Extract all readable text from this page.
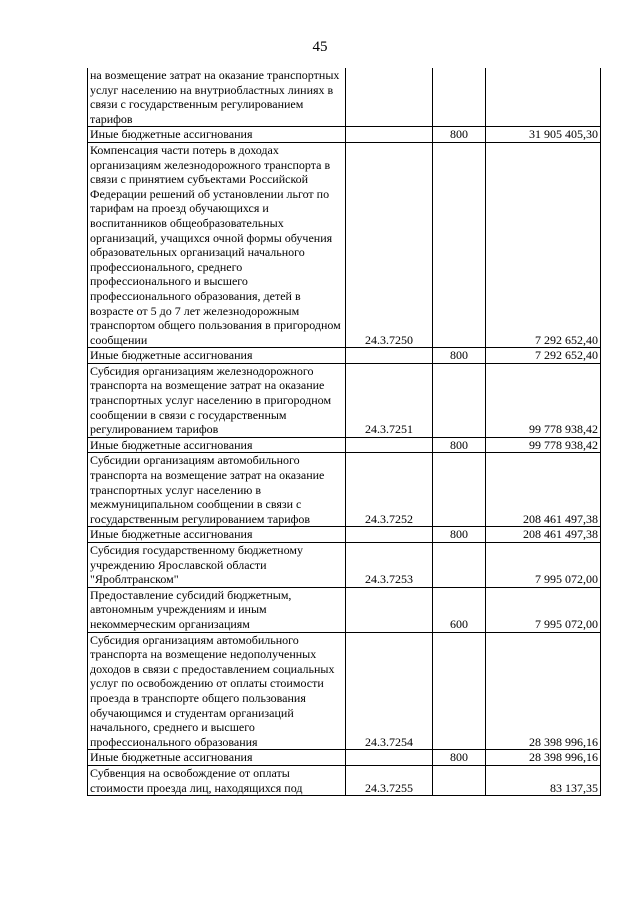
45
на возмещение затрат на оказание транспортных услуг населению на внутриобластных линиях в связи с государственным регулированием тарифов			
Иные бюджетные ассигнования		800	31 905 405,30
Компенсация части потерь в доходах организациям железнодорожного транспорта в связи с принятием субъектами Российской Федерации решений об установлении льгот по тарифам на проезд обучающихся и воспитанников общеобразовательных организаций, учащихся очной формы обучения образовательных организаций начального профессионального, среднего профессионального и высшего профессионального образования, детей в возрасте от 5 до 7 лет железнодорожным транспортом общего пользования в пригородном сообщении	24.3.7250		7 292 652,40
Иные бюджетные ассигнования		800	7 292 652,40
Субсидия организациям железнодорожного транспорта на возмещение затрат на оказание транспортных услуг населению в пригородном сообщении в связи с государственным регулированием тарифов	24.3.7251		99 778 938,42
Иные бюджетные ассигнования		800	99 778 938,42
Субсидии организациям автомобильного транспорта на возмещение затрат на оказание транспортных услуг населению в межмуниципальном сообщении в связи с государственным регулированием тарифов	24.3.7252		208 461 497,38
Иные бюджетные ассигнования		800	208 461 497,38
Субсидия государственному бюджетному учреждению Ярославской области "Яроблтранском"	24.3.7253		7 995 072,00
Предоставление субсидий бюджетным, автономным учреждениям и иным некоммерческим организациям		600	7 995 072,00
Субсидия организациям автомобильного транспорта на возмещение недополученных доходов в связи с предоставлением социальных услуг по освобождению от оплаты стоимости проезда в транспорте общего пользования обучающимся и студентам организаций начального, среднего и высшего профессионального образования	24.3.7254		28 398 996,16
Иные бюджетные ассигнования		800	28 398 996,16
Субвенция на освобождение от оплаты стоимости проезда лиц, находящихся под	24.3.7255		83 137,35
